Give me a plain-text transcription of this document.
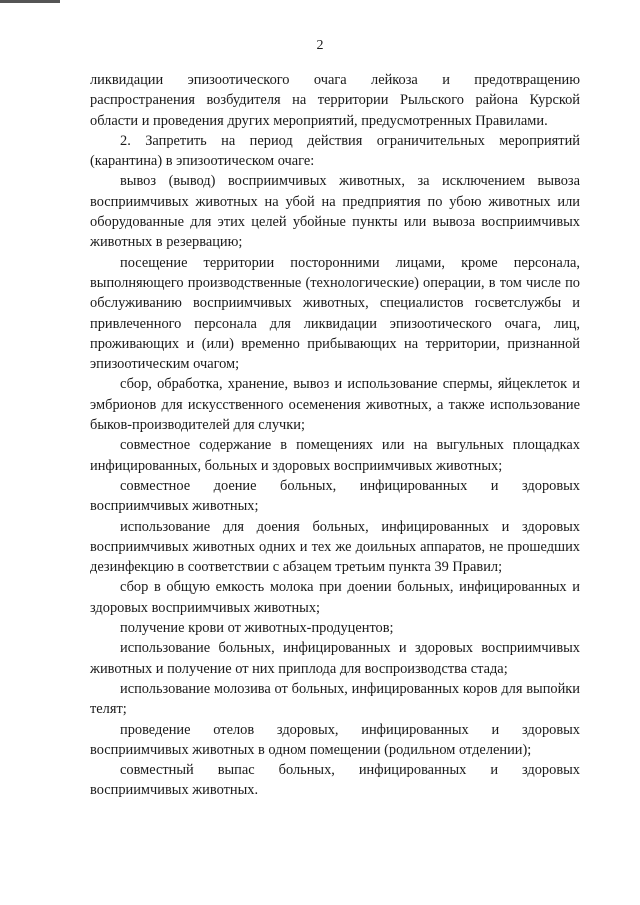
2

ликвидации эпизоотического очага лейкоза и предотвращению распространения возбудителя на территории Рыльского района Курской области и проведения других мероприятий, предусмотренных Правилами.

2. Запретить на период действия ограничительных мероприятий (карантина) в эпизоотическом очаге:

вывоз (вывод) восприимчивых животных, за исключением вывоза восприимчивых животных на убой на предприятия по убою животных или оборудованные для этих целей убойные пункты или вывоза восприимчивых животных в резервацию;

посещение территории посторонними лицами, кроме персонала, выполняющего производственные (технологические) операции, в том числе по обслуживанию восприимчивых животных, специалистов госветслужбы и привлеченного персонала для ликвидации эпизоотического очага, лиц, проживающих и (или) временно прибывающих на территории, признанной эпизоотическим очагом;

сбор, обработка, хранение, вывоз и использование спермы, яйцеклеток и эмбрионов для искусственного осеменения животных, а также использование быков-производителей для случки;

совместное содержание в помещениях или на выгульных площадках инфицированных, больных и здоровых восприимчивых животных;

совместное доение больных, инфицированных и здоровых восприимчивых животных;

использование для доения больных, инфицированных и здоровых восприимчивых животных одних и тех же доильных аппаратов, не прошедших дезинфекцию в соответствии с абзацем третьим пункта 39 Правил;

сбор в общую емкость молока при доении больных, инфицированных и здоровых восприимчивых животных;

получение крови от животных-продуцентов;

использование больных, инфицированных и здоровых восприимчивых животных и получение от них приплода для воспроизводства стада;

использование молозива от больных, инфицированных коров для выпойки телят;

проведение отелов здоровых, инфицированных и здоровых восприимчивых животных в одном помещении (родильном отделении);

совместный выпас больных, инфицированных и здоровых восприимчивых животных.
